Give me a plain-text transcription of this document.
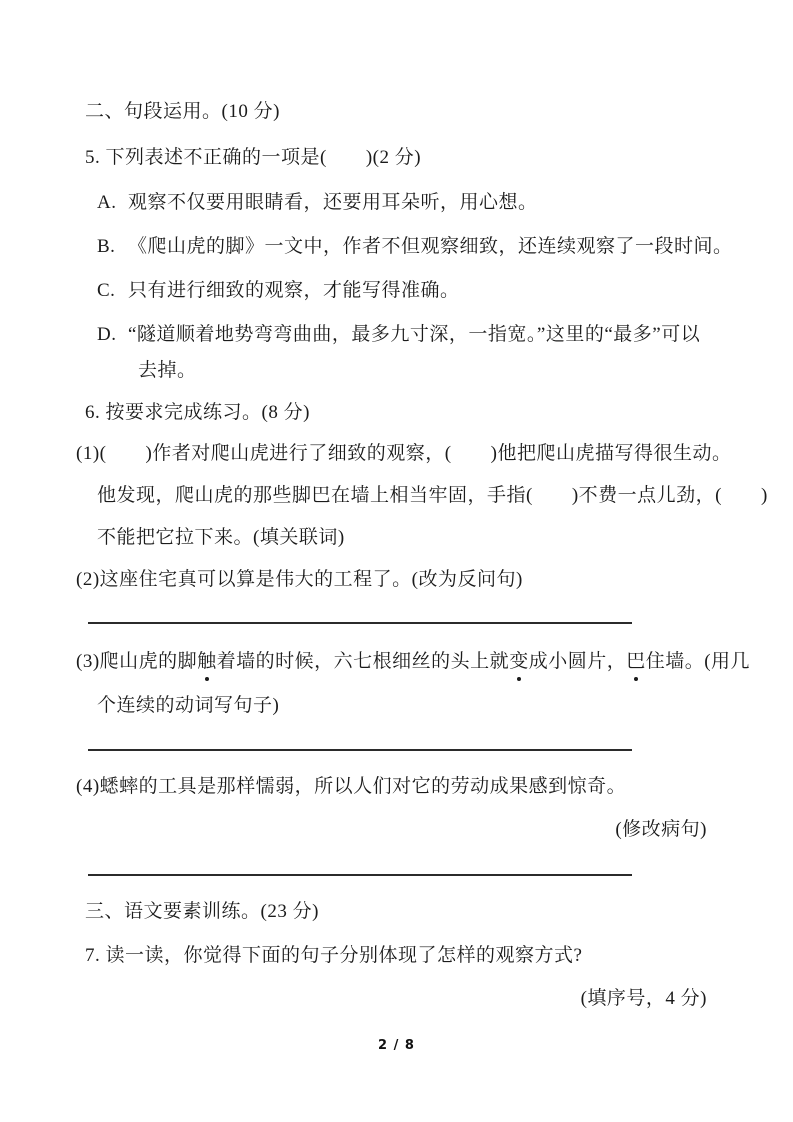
二、句段运用。(10 分)
5. 下列表述不正确的一项是(　　)(2 分)
A. 观察不仅要用眼睛看，还要用耳朵听，用心想。
B. 《爬山虎的脚》一文中，作者不但观察细致，还连续观察了一段时间。
C. 只有进行细致的观察，才能写得准确。
D. “隧道顺着地势弯弯曲曲，最多九寸深，一指宽。”这里的“最多”可以
去掉。
6. 按要求完成练习。(8 分)
(1)(　　)作者对爬山虎进行了细致的观察，(　　)他把爬山虎描写得很生动。
他发现，爬山虎的那些脚巴在墙上相当牢固，手指(　　)不费一点儿劲，(　　)
不能把它拉下来。(填关联词)
(2)这座住宅真可以算是伟大的工程了。(改为反问句)
(3)爬山虎的脚触着墙的时候，六七根细丝的头上就变成小圆片，巴住墙。(用几
个连续的动词写句子)
(4)蟋蟀的工具是那样懦弱，所以人们对它的劳动成果感到惊奇。
(修改病句)
三、语文要素训练。(23 分)
7. 读一读，你觉得下面的句子分别体现了怎样的观察方式?
(填序号，4 分)
2 / 8
